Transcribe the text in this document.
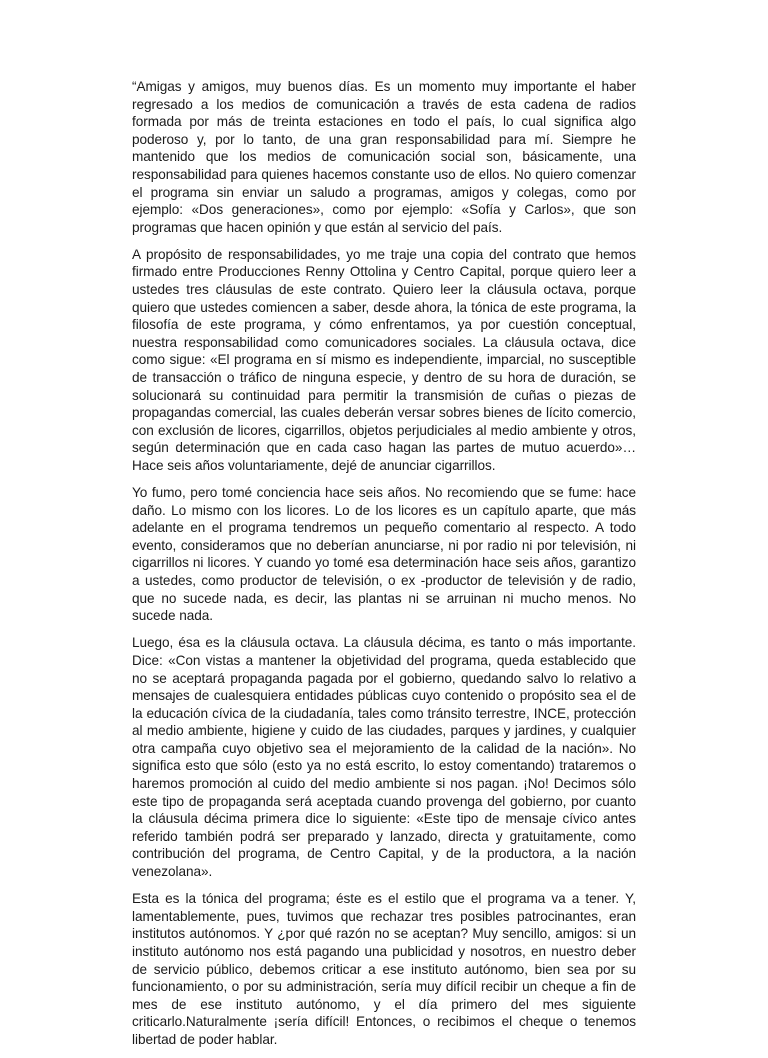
“Amigas y amigos, muy buenos días. Es un momento muy importante el haber regresado a los medios de comunicación a través de esta cadena de radios formada por más de treinta estaciones en todo el país, lo cual significa algo poderoso y, por lo tanto, de una gran responsabilidad para mí. Siempre he mantenido que los medios de comunicación social son, básicamente, una responsabilidad para quienes hacemos constante uso de ellos. No quiero comenzar el programa sin enviar un saludo a programas, amigos y colegas, como por ejemplo: «Dos generaciones», como por ejemplo: «Sofía y Carlos», que son programas que hacen opinión y que están al servicio del país.

A propósito de responsabilidades, yo me traje una copia del contrato que hemos firmado entre Producciones Renny Ottolina y Centro Capital, porque quiero leer a ustedes tres cláusulas de este contrato. Quiero leer la cláusula octava, porque quiero que ustedes comiencen a saber, desde ahora, la tónica de este programa, la filosofía de este programa, y cómo enfrentamos, ya por cuestión conceptual, nuestra responsabilidad como comunicadores sociales. La cláusula octava, dice como sigue: «El programa en sí mismo es independiente, imparcial, no susceptible de transacción o tráfico de ninguna especie, y dentro de su hora de duración, se solucionará su continuidad para permitir la transmisión de cuñas o piezas de propagandas comercial, las cuales deberán versar sobres bienes de lícito comercio, con exclusión de licores, cigarrillos, objetos perjudiciales al medio ambiente y otros, según determinación que en cada caso hagan las partes de mutuo acuerdo»… Hace seis años voluntariamente, dejé de anunciar cigarrillos.

Yo fumo, pero tomé conciencia hace seis años. No recomiendo que se fume: hace daño. Lo mismo con los licores. Lo de los licores es un capítulo aparte, que más adelante en el programa tendremos un pequeño comentario al respecto. A todo evento, consideramos que no deberían anunciarse, ni por radio ni por televisión, ni cigarrillos ni licores. Y cuando yo tomé esa determinación hace seis años, garantizo a ustedes, como productor de televisión, o ex -productor de televisión y de radio, que no sucede nada, es decir, las plantas ni se arruinan ni mucho menos. No sucede nada.

Luego, ésa es la cláusula octava. La cláusula décima, es tanto o más importante. Dice: «Con vistas a mantener la objetividad del programa, queda establecido que no se aceptará propaganda pagada por el gobierno, quedando salvo lo relativo a mensajes de cualesquiera entidades públicas cuyo contenido o propósito sea el de la educación cívica de la ciudadanía, tales como tránsito terrestre, INCE, protección al medio ambiente, higiene y cuido de las ciudades, parques y jardines, y cualquier otra campaña cuyo objetivo sea el mejoramiento de la calidad de la nación». No significa esto que sólo (esto ya no está escrito, lo estoy comentando) trataremos o haremos promoción al cuido del medio ambiente si nos pagan. ¡No! Decimos sólo este tipo de propaganda será aceptada cuando provenga del gobierno, por cuanto la cláusula décima primera dice lo siguiente: «Este tipo de mensaje cívico antes referido también podrá ser preparado y lanzado, directa y gratuitamente, como contribución del programa, de Centro Capital, y de la productora, a la nación venezolana».

Esta es la tónica del programa; éste es el estilo que el programa va a tener. Y, lamentablemente, pues, tuvimos que rechazar tres posibles patrocinantes, eran institutos autónomos. Y ¿por qué razón no se aceptan? Muy sencillo, amigos: si un instituto autónomo nos está pagando una publicidad y nosotros, en nuestro deber de servicio público, debemos criticar a ese instituto autónomo, bien sea por su funcionamiento, o por su administración, sería muy difícil recibir un cheque a fin de mes de ese instituto autónomo, y el día primero del mes siguiente criticarlo.Naturalmente ¡sería difícil! Entonces, o recibimos el cheque o tenemos libertad de poder hablar.
